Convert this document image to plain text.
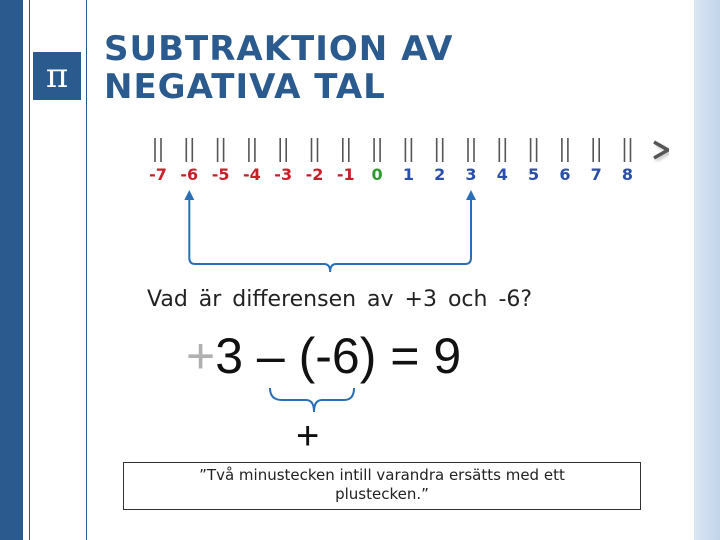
π
SUBTRAKTION AV
NEGATIVA TAL
-7 -6 -5 -4 -3 -2 -1 0 1 2 3 4 5 6 7 8
Vad är differensen av +3 och -6?
+3 – (-6) = 9
+
”Två minustecken intill varandra ersätts med ett
plustecken.”
